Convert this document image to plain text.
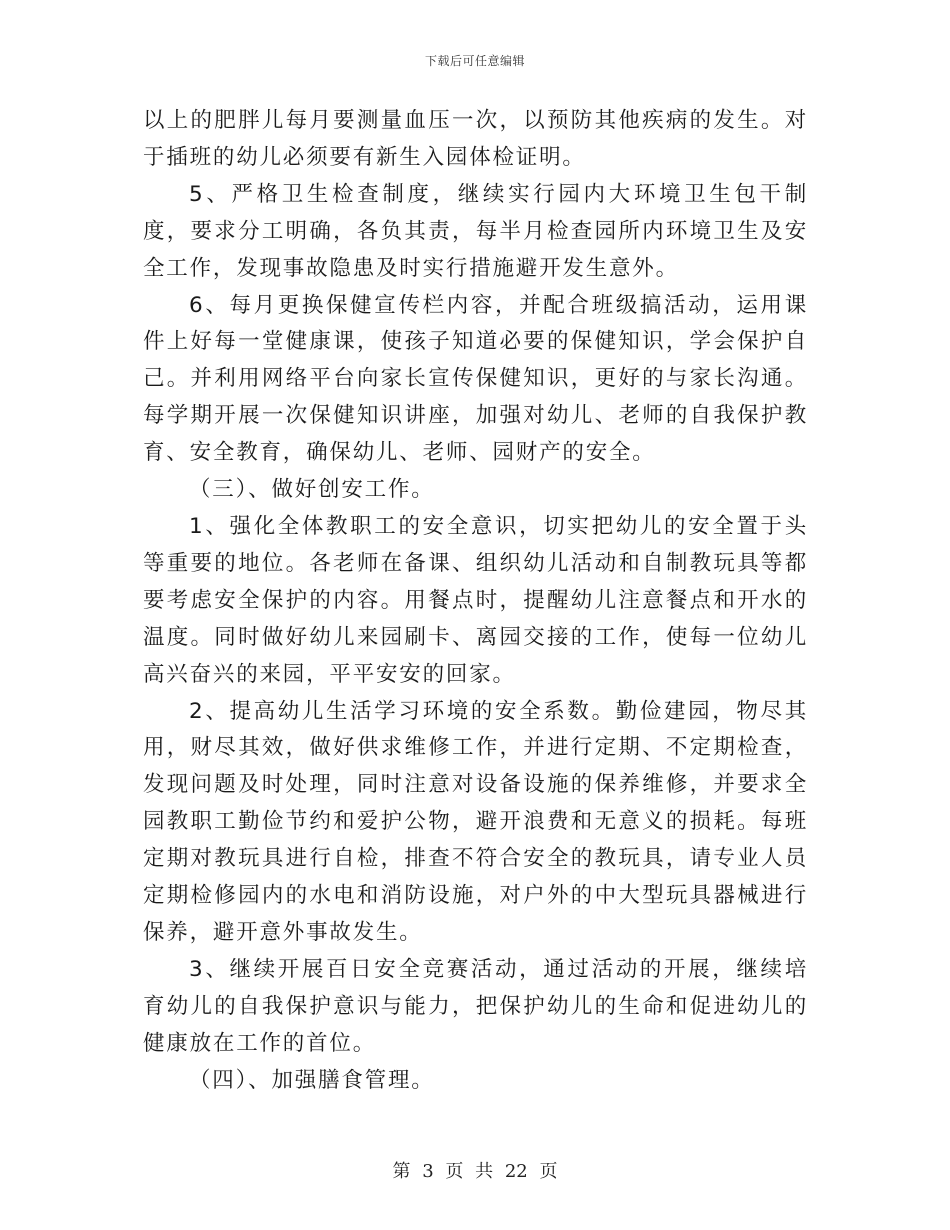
下载后可任意编辑

以上的肥胖儿每月要测量血压一次，以预防其他疾病的发生。对于插班的幼儿必须要有新生入园体检证明。

5、严格卫生检查制度，继续实行园内大环境卫生包干制度，要求分工明确，各负其责，每半月检查园所内环境卫生及安全工作，发现事故隐患及时实行措施避开发生意外。

6、每月更换保健宣传栏内容，并配合班级搞活动，运用课件上好每一堂健康课，使孩子知道必要的保健知识，学会保护自己。并利用网络平台向家长宣传保健知识，更好的与家长沟通。每学期开展一次保健知识讲座，加强对幼儿、老师的自我保护教育、安全教育，确保幼儿、老师、园财产的安全。

（三）、做好创安工作。

1、强化全体教职工的安全意识，切实把幼儿的安全置于头等重要的地位。各老师在备课、组织幼儿活动和自制教玩具等都要考虑安全保护的内容。用餐点时，提醒幼儿注意餐点和开水的温度。同时做好幼儿来园刷卡、离园交接的工作，使每一位幼儿高兴奋兴的来园，平平安安的回家。

2、提高幼儿生活学习环境的安全系数。勤俭建园，物尽其用，财尽其效，做好供求维修工作，并进行定期、不定期检查，发现问题及时处理，同时注意对设备设施的保养维修，并要求全园教职工勤俭节约和爱护公物，避开浪费和无意义的损耗。每班定期对教玩具进行自检，排查不符合安全的教玩具，请专业人员定期检修园内的水电和消防设施，对户外的中大型玩具器械进行保养，避开意外事故发生。

3、继续开展百日安全竞赛活动，通过活动的开展，继续培育幼儿的自我保护意识与能力，把保护幼儿的生命和促进幼儿的健康放在工作的首位。

（四）、加强膳食管理。

第 3 页 共 22 页
